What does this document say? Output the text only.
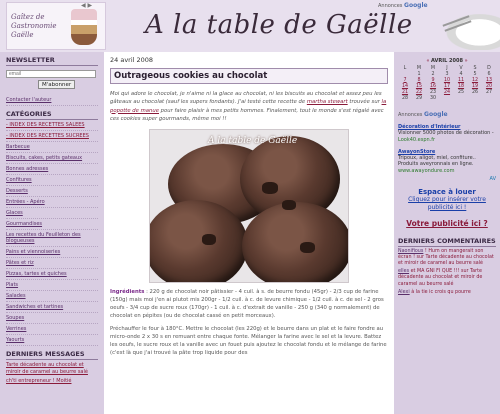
Gaîtez de Gastronomie Gaëlle
◀ ▶
A la table de Gaëlle
Annonces Google
NEWSLETTER
email
M'abonner
Contacter l'auteur
CATÉGORIES
- INDEX DES RECETTES SALEES
- INDEX DES RECETTES SUCREES
Barbecue
Biscuits, cakes, petits gateaux
Bonnes adresses
Confitures
Desserts
Entrées - Apéro
Glaces
Gourmandises
Les recettes du Feuilleton des blogueuses
Pains et viennoiseries
Pâtes et riz
Pizzas, tartes et quiches
Plats
Salades
Sandwiches et tartines
Soupes
Verrines
Yaourts
DERNIERS MESSAGES
Tarte décadente au chocolat et miroir de caramel au beurre salé
ch'ti entrepreneur ! Moitié
24 avril 2008
Outrageous cookies au chocolat

Moi qui adore le chocolat, je n'aime ni la glace au chocolat, ni les biscuits au chocolat et assez peu les gâteaux au chocolat (sauf les supers fondants). J'ai testé cette recette de martha stewart trouvée sur la popotte de manue pour faire plaisir à mes petits hommes. Finalement, tout le monde s'est régalé avec ces cookies super gourmands, même moi !!

A la table de Gaëlle

Ingrédients : 220 g de chocolat noir pâtissier - 4 cuil. à s. de beurre fondu (45gr) - 2/3 cup de farine (150g) mais moi j'en ai plutot mis 200gr - 1/2 cuil. à c. de levure chimique - 1/2 cuil. à c. de sel - 2 gros oeufs - 3/4 cup de sucre roux (170gr) - 1 cuil. à c. d'extrait de vanille - 250 g (340 g normalement) de chocolat en pépites (ou de chocolat cassé en petit morceaux).

Préchauffer le four à 180°C. Mettre le chocolat (les 220g) et le beurre dans un plat et le faire fondre au micro-onde 2 x 30 s en remuant entre chaque fonte. Mélanger la farine avec le sel et la levure. Battez les oeufs, le sucre roux et la vanille avec un fouet puis ajoutez le chocolat fondu et le mélange de farine (c'est là que j'ai trouvé la pâte trop liquide pour des

« AVRIL 2008 »
L	M	M	J	V	S	D
	1	2	3	4	5	6
7	8	9	10	11	12	13
14	15	16	17	18	19	20
21	22	23	24	25	26	27
28	29	30				
Annonces Google
Décoration d'Intérieur
Visionner 5000 photos de décoration -
Look40.espn.fr
AwayonStore
Tripoux, aligot, miel, confiture.. Produits aveyronnais en ligne.
www.awayondure.com
AV
Espace à louer
Cliquez pour insérer votre publicité ici !
Votre publicité ici ?
DERNIERS COMMENTAIRES
Naonifious ! Hum on mangerait son écran ! sur Tarte décadente au chocolat et miroir de caramel au beurre salé
elles et MA GNI FI QUE !!! sur Tarte décadente au chocolat et miroir de caramel au beurre salé
Alexi à la tie ic crois qu pourre
